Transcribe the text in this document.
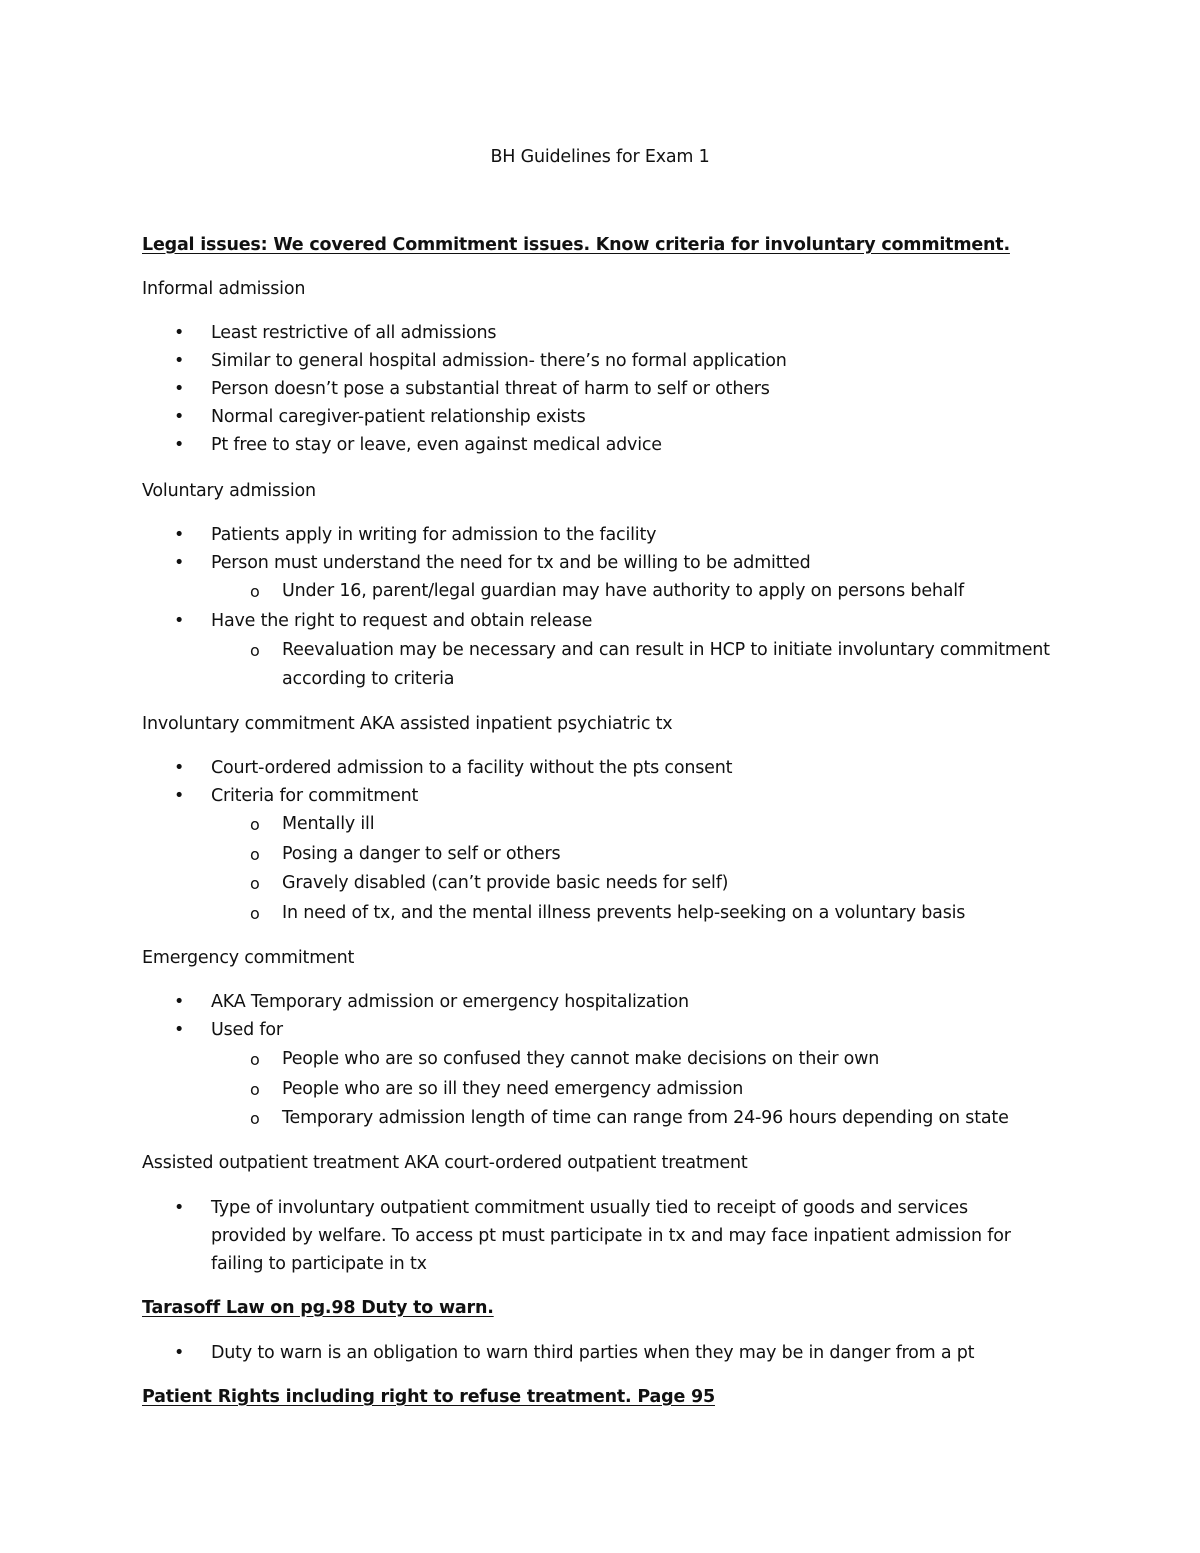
BH Guidelines for Exam 1
Legal issues: We covered Commitment issues. Know criteria for involuntary commitment.
Informal admission
• Least restrictive of all admissions
• Similar to general hospital admission- there’s no formal application
• Person doesn’t pose a substantial threat of harm to self or others
• Normal caregiver-patient relationship exists
• Pt free to stay or leave, even against medical advice
Voluntary admission
• Patients apply in writing for admission to the facility
• Person must understand the need for tx and be willing to be admitted
o Under 16, parent/legal guardian may have authority to apply on persons behalf
• Have the right to request and obtain release
o Reevaluation may be necessary and can result in HCP to initiate involuntary commitment
according to criteria
Involuntary commitment AKA assisted inpatient psychiatric tx
• Court-ordered admission to a facility without the pts consent
• Criteria for commitment
o Mentally ill
o Posing a danger to self or others
o Gravely disabled (can’t provide basic needs for self)
o In need of tx, and the mental illness prevents help-seeking on a voluntary basis
Emergency commitment
• AKA Temporary admission or emergency hospitalization
• Used for
o People who are so confused they cannot make decisions on their own
o People who are so ill they need emergency admission
o Temporary admission length of time can range from 24-96 hours depending on state
Assisted outpatient treatment AKA court-ordered outpatient treatment
• Type of involuntary outpatient commitment usually tied to receipt of goods and services
provided by welfare. To access pt must participate in tx and may face inpatient admission for
failing to participate in tx
Tarasoff Law on pg.98 Duty to warn.
• Duty to warn is an obligation to warn third parties when they may be in danger from a pt
Patient Rights including right to refuse treatment. Page 95
